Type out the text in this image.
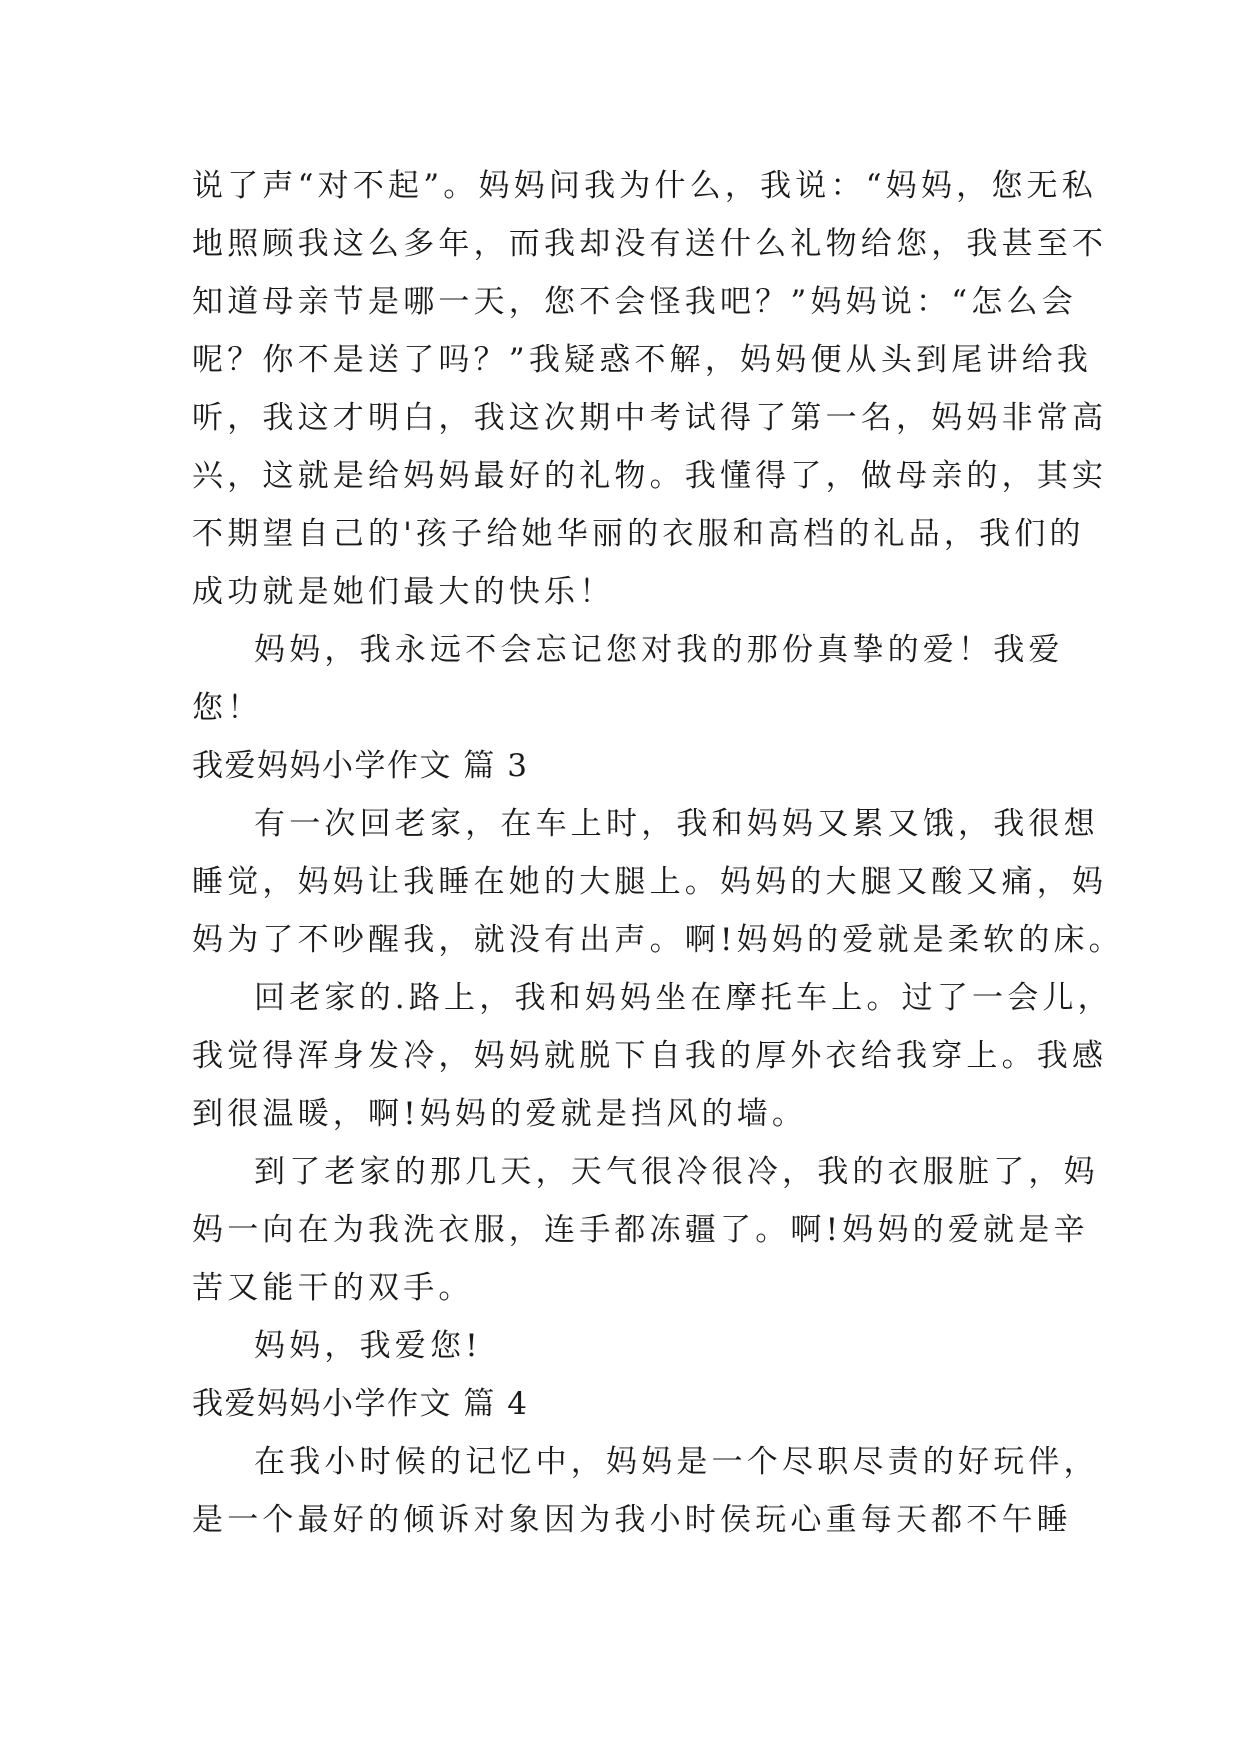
说了声“对不起”。妈妈问我为什么，我说：“妈妈，您无私
地照顾我这么多年，而我却没有送什么礼物给您，我甚至不
知道母亲节是哪一天，您不会怪我吧？”妈妈说：“怎么会
呢？你不是送了吗？”我疑惑不解，妈妈便从头到尾讲给我
听，我这才明白，我这次期中考试得了第一名，妈妈非常高
兴，这就是给妈妈最好的礼物。我懂得了，做母亲的，其实
不期望自己的'孩子给她华丽的衣服和高档的礼品，我们的
成功就是她们最大的快乐！
妈妈，我永远不会忘记您对我的那份真挚的爱！我爱
您！
我爱妈妈小学作文 篇 3
有一次回老家，在车上时，我和妈妈又累又饿，我很想
睡觉，妈妈让我睡在她的大腿上。妈妈的大腿又酸又痛，妈
妈为了不吵醒我，就没有出声。啊!妈妈的爱就是柔软的床。
回老家的.路上，我和妈妈坐在摩托车上。过了一会儿，
我觉得浑身发冷，妈妈就脱下自我的厚外衣给我穿上。我感
到很温暖，啊!妈妈的爱就是挡风的墙。
到了老家的那几天，天气很冷很冷，我的衣服脏了，妈
妈一向在为我洗衣服，连手都冻疆了。啊!妈妈的爱就是辛
苦又能干的双手。
妈妈，我爱您!
我爱妈妈小学作文 篇 4
在我小时候的记忆中，妈妈是一个尽职尽责的好玩伴，
是一个最好的倾诉对象因为我小时侯玩心重每天都不午睡
